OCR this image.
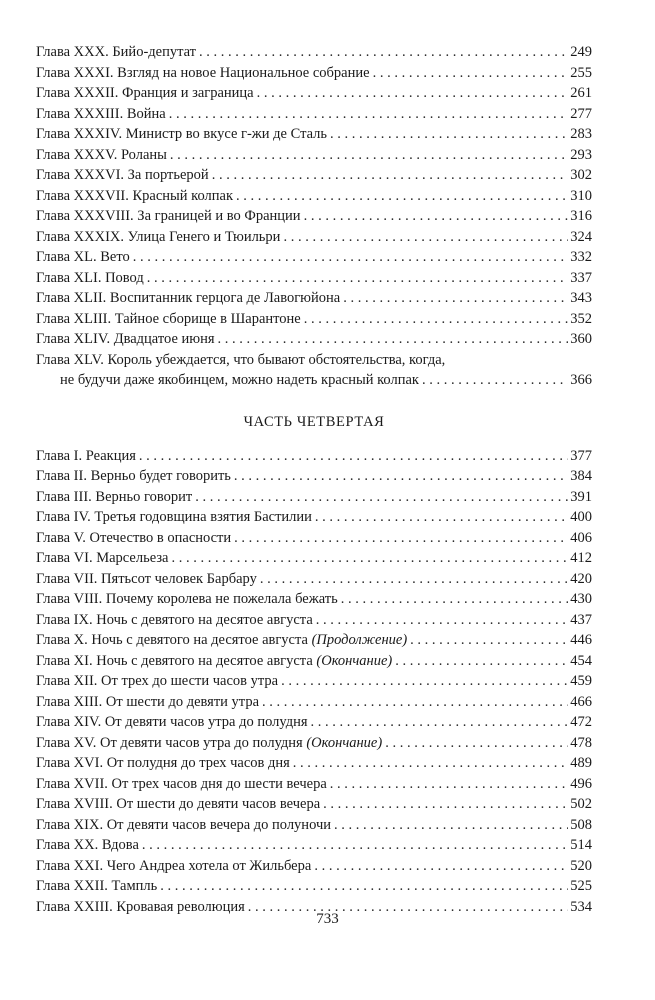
Глава XXX. Бийо-депутат . . .	249
Глава XXXI. Взгляд на новое Национальное собрание . . .	255
Глава XXXII. Франция и заграница . . .	261
Глава XXXIII. Война . . .	277
Глава XXXIV. Министр во вкусе г-жи де Сталь . . .	283
Глава XXXV. Роланы . . .	293
Глава XXXVI. За портьерой . . .	302
Глава XXXVII. Красный колпак . . .	310
Глава XXXVIII. За границей и во Франции . . .	316
Глава XXXIX. Улица Генего и Тюильри . . .	324
Глава XL. Вето . . .	332
Глава XLI. Повод . . .	337
Глава XLII. Воспитанник герцога де Лавогюйона . . .	343
Глава XLIII. Тайное сборище в Шарантоне . . .	352
Глава XLIV. Двадцатое июня . . .	360
Глава XLV. Король убеждается, что бывают обстоятельства, когда,
не будучи даже якобинцем, можно надеть красный колпак . . .	366
ЧАСТЬ ЧЕТВЕРТАЯ
Глава I. Реакция . . .	377
Глава II. Верньо будет говорить . . .	384
Глава III. Верньо говорит . . .	391
Глава IV. Третья годовщина взятия Бастилии . . .	400
Глава V. Отечество в опасности . . .	406
Глава VI. Марсельеза . . .	412
Глава VII. Пятьсот человек Барбару . . .	420
Глава VIII. Почему королева не пожелала бежать . . .	430
Глава IX. Ночь с девятого на десятое августа . . .	437
Глава X. Ночь с девятого на десятое августа (Продолжение) . . .	446
Глава XI. Ночь с девятого на десятое августа (Окончание) . . .	454
Глава XII. От трех до шести часов утра . . .	459
Глава XIII. От шести до девяти утра . . .	466
Глава XIV. От девяти часов утра до полудня . . .	472
Глава XV. От девяти часов утра до полудня (Окончание) . . .	478
Глава XVI. От полудня до трех часов дня . . .	489
Глава XVII. От трех часов дня до шести вечера . . .	496
Глава XVIII. От шести до девяти часов вечера . . .	502
Глава XIX. От девяти часов вечера до полуночи . . .	508
Глава XX. Вдова . . .	514
Глава XXI. Чего Андреа хотела от Жильбера . . .	520
Глава XXII. Тампль . . .	525
Глава XXIII. Кровавая революция . . .	534
733
